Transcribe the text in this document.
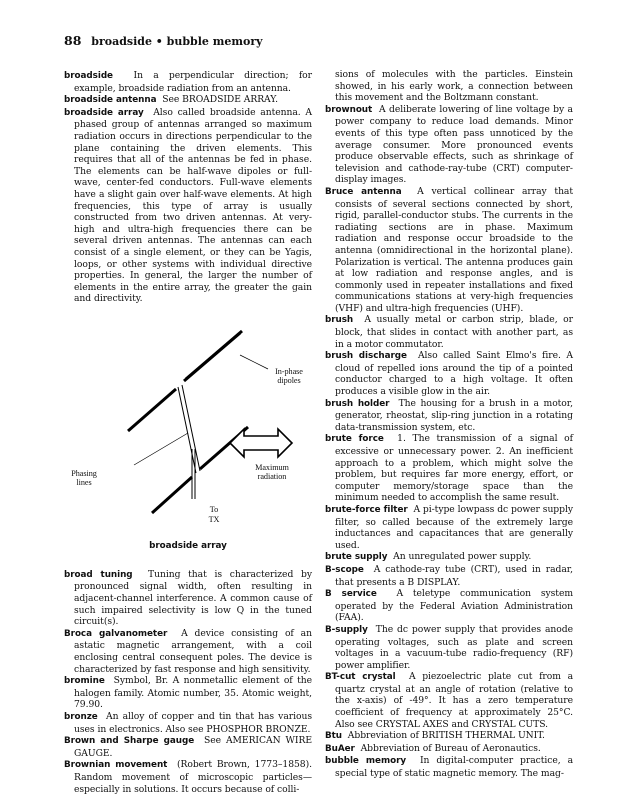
88 broadside • bubble memory

broadside In a perpendicular direction; for example, broadside radiation from an antenna.

broadside antenna See BROADSIDE ARRAY.

broadside array Also called broadside antenna. A phased group of antennas arranged so maximum radiation occurs in directions perpendicular to the plane containing the driven elements. This requires that all of the antennas be fed in phase. The elements can be half-wave dipoles or full-wave, center-fed conductors. Full-wave elements have a slight gain over half-wave elements. At high frequencies, this type of array is usually constructed from two driven antennas. At very-high and ultra-high frequencies there can be several driven antennas. The antennas can each consist of a single element, or they can be Yagis, loops, or other systems with individual directive properties. In general, the larger the number of elements in the entire array, the greater the gain and directivity.

In-phase dipoles
Maximum radiation
Phasing lines
To
TX
broadside array

broad tuning Tuning that is characterized by pronounced signal width, often resulting in adjacent-channel interference. A common cause of such impaired selectivity is low Q in the tuned circuit(s).

Broca galvanometer A device consisting of an astatic magnetic arrangement, with a coil enclosing central consequent poles. The device is characterized by fast response and high sensitivity.

bromine Symbol, Br. A nonmetallic element of the halogen family. Atomic number, 35. Atomic weight, 79.90.

bronze An alloy of copper and tin that has various uses in electronics. Also see PHOSPHOR BRONZE.

Brown and Sharpe gauge See AMERICAN WIRE GAUGE.

Brownian movement (Robert Brown, 1773–1858). Random movement of microscopic particles—especially in solutions. It occurs because of colli-

sions of molecules with the particles. Einstein showed, in his early work, a connection between this movement and the Boltzmann constant.

brownout A deliberate lowering of line voltage by a power company to reduce load demands. Minor events of this type often pass unnoticed by the average consumer. More pronounced events produce observable effects, such as shrinkage of television and cathode-ray-tube (CRT) computer-display images.

Bruce antenna A vertical collinear array that consists of several sections connected by short, rigid, parallel-conductor stubs. The currents in the radiating sections are in phase. Maximum radiation and response occur broadside to the antenna (omnidirectional in the horizontal plane). Polarization is vertical. The antenna produces gain at low radiation and response angles, and is commonly used in repeater installations and fixed communications stations at very-high frequencies (VHF) and ultra-high frequencies (UHF).

brush A usually metal or carbon strip, blade, or block, that slides in contact with another part, as in a motor commutator.

brush discharge Also called Saint Elmo's fire. A cloud of repelled ions around the tip of a pointed conductor charged to a high voltage. It often produces a visible glow in the air.

brush holder The housing for a brush in a motor, generator, rheostat, slip-ring junction in a rotating data-transmission system, etc.

brute force 1. The transmission of a signal of excessive or unnecessary power. 2. An inefficient approach to a problem, which might solve the problem, but requires far more energy, effort, or computer memory/storage space than the minimum needed to accomplish the same result.

brute-force filter A pi-type lowpass dc power supply filter, so called because of the extremely large inductances and capacitances that are generally used.

brute supply An unregulated power supply.

B-scope A cathode-ray tube (CRT), used in radar, that presents a B DISPLAY.

B service A teletype communication system operated by the Federal Aviation Administration (FAA).

B-supply The dc power supply that provides anode operating voltages, such as plate and screen voltages in a vacuum-tube radio-frequency (RF) power amplifier.

BT-cut crystal A piezoelectric plate cut from a quartz crystal at an angle of rotation (relative to the x-axis) of -49°. It has a zero temperature coefficient of frequency at approximately 25°C. Also see CRYSTAL AXES and CRYSTAL CUTS.

Btu Abbreviation of BRITISH THERMAL UNIT.

BuAer Abbreviation of Bureau of Aeronautics.

bubble memory In digital-computer practice, a special type of static magnetic memory. The mag-
